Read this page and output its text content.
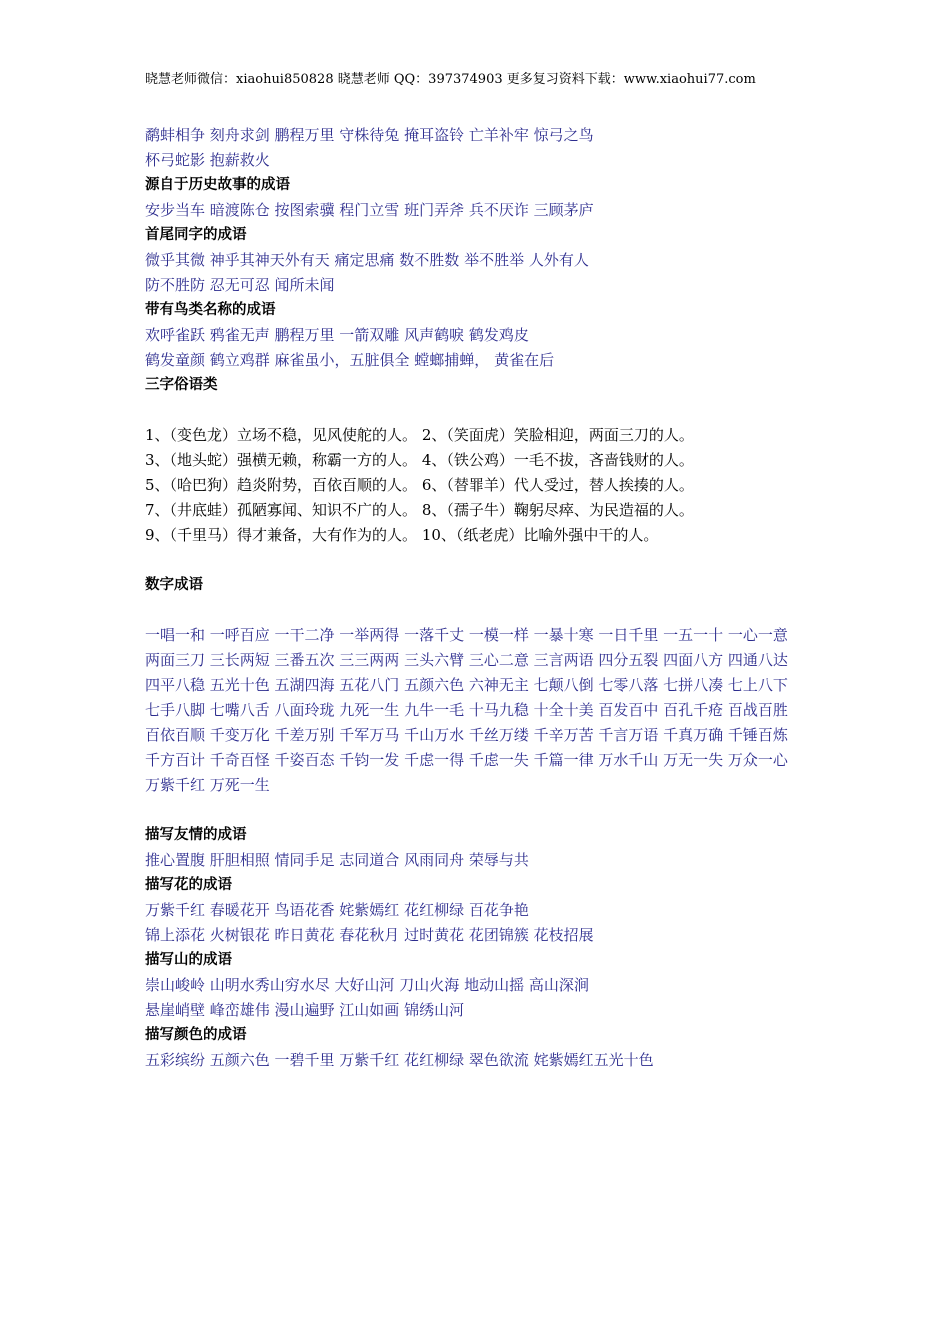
晓慧老师微信：xiaohui850828 晓慧老师 QQ：397374903 更多复习资料下载：www.xiaohui77.com
鹬蚌相争 刻舟求剑 鹏程万里 守株待兔 掩耳盗铃 亡羊补牢 惊弓之鸟
杯弓蛇影 抱薪救火
源自于历史故事的成语
安步当车 暗渡陈仓 按图索骥 程门立雪 班门弄斧 兵不厌诈 三顾茅庐
首尾同字的成语
微乎其微 神乎其神天外有天 痛定思痛 数不胜数 举不胜举 人外有人
防不胜防 忍无可忍 闻所未闻
带有鸟类名称的成语
欢呼雀跃 鸦雀无声 鹏程万里 一箭双雕 风声鹤唳 鹤发鸡皮
鹤发童颜 鹤立鸡群 麻雀虽小，五脏俱全 螳螂捕蝉， 黄雀在后
三字俗语类
1、（变色龙）立场不稳，见风使舵的人。 2、（笑面虎）笑脸相迎，两面三刀的人。
3、（地头蛇）强横无赖，称霸一方的人。 4、（铁公鸡）一毛不拔，吝啬钱财的人。
5、（哈巴狗）趋炎附势，百依百顺的人。 6、（替罪羊）代人受过，替人挨揍的人。
7、（井底蛙）孤陋寡闻、知识不广的人。 8、（孺子牛）鞠躬尽瘁、为民造福的人。
9、（千里马）得才兼备，大有作为的人。 10、（纸老虎）比喻外强中干的人。
数字成语
一唱一和 一呼百应 一干二净 一举两得 一落千丈 一模一样 一暴十寒 一日千里 一五一十 一心一意
两面三刀 三长两短 三番五次 三三两两 三头六臂 三心二意 三言两语 四分五裂 四面八方 四通八达
四平八稳 五光十色 五湖四海 五花八门 五颜六色 六神无主 七颠八倒 七零八落 七拼八凑 七上八下
七手八脚 七嘴八舌 八面玲珑 九死一生 九牛一毛 十马九稳 十全十美 百发百中 百孔千疮 百战百胜
百依百顺 千变万化 千差万别 千军万马 千山万水 千丝万缕 千辛万苦 千言万语 千真万确 千锤百炼
千方百计 千奇百怪 千姿百态 千钧一发 千虑一得 千虑一失 千篇一律 万水千山 万无一失 万众一心
万紫千红 万死一生
描写友情的成语
推心置腹 肝胆相照 情同手足 志同道合 风雨同舟 荣辱与共
描写花的成语
万紫千红 春暖花开 鸟语花香 姹紫嫣红 花红柳绿 百花争艳
锦上添花 火树银花 昨日黄花 春花秋月 过时黄花 花团锦簇 花枝招展
描写山的成语
崇山峻岭 山明水秀山穷水尽 大好山河 刀山火海 地动山摇 高山深涧
悬崖峭壁 峰峦雄伟 漫山遍野 江山如画 锦绣山河
描写颜色的成语
五彩缤纷 五颜六色 一碧千里 万紫千红 花红柳绿 翠色欲流 姹紫嫣红五光十色
